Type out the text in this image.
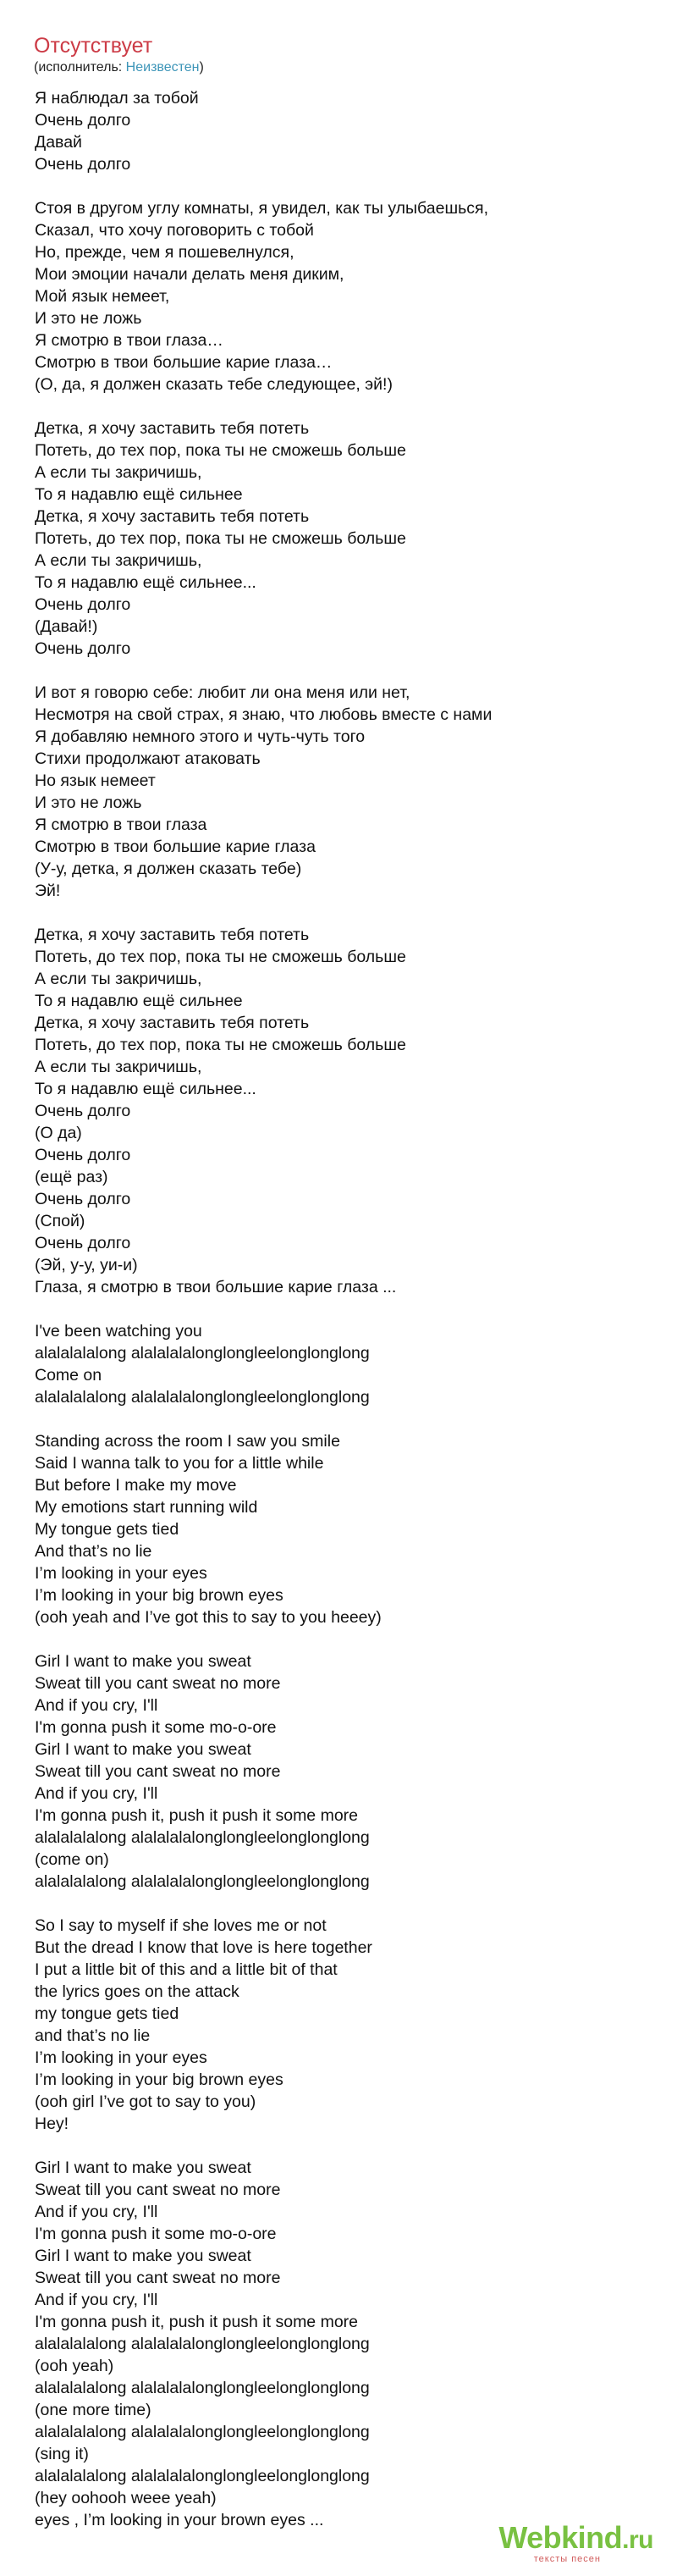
Отсутствует
(исполнитель: Неизвестен)
Я наблюдал за тобой
Очень долго
Давай
Очень долго
Стоя в другом углу комнаты, я увидел, как ты улыбаешься,
Сказал, что хочу поговорить с тобой
Но, прежде, чем я пошевелнулся,
Мои эмоции начали делать меня диким,
Мой язык немеет,
И это не ложь
Я смотрю в твои глаза…
Смотрю в твои большие карие глаза…
(О, да, я должен сказать тебе следующее, эй!)
Детка, я хочу заставить тебя потеть
Потеть, до тех пор, пока ты не сможешь больше
А если ты закричишь,
То я надавлю ещё сильнее
Детка, я хочу заставить тебя потеть
Потеть, до тех пор, пока ты не сможешь больше
А если ты закричишь,
То я надавлю ещё сильнее...
Очень долго
(Давай!)
Очень долго
И вот я говорю себе: любит ли она меня или нет,
Несмотря на свой страх, я знаю, что любовь вместе с нами
Я добавляю немного этого и чуть-чуть того
Стихи продолжают атаковать
Но язык немеет
И это не ложь
Я смотрю в твои глаза
Смотрю в твои большие карие глаза
(У-у, детка, я должен сказать тебе)
Эй!
Детка, я хочу заставить тебя потеть
Потеть, до тех пор, пока ты не сможешь больше
А если ты закричишь,
То я надавлю ещё сильнее
Детка, я хочу заставить тебя потеть
Потеть, до тех пор, пока ты не сможешь больше
А если ты закричишь,
То я надавлю ещё сильнее...
Очень долго
(О да)
Очень долго
(ещё раз)
Очень долго
(Спой)
Очень долго
(Эй, у-у, уи-и)
Глаза, я смотрю в твои большие карие глаза ...
I've been watching you
alalalalalong alalalalalonglongleelonglonglong
Come on
alalalalalong alalalalalonglongleelonglonglong
Standing across the room I saw you smile
Said I wanna talk to you for a little while
But before I make my move
My emotions start running wild
My tongue gets tied
And that’s no lie
I’m looking in your eyes
I’m looking in your big brown eyes
(ooh yeah and I’ve got this to say to you heeey)
Girl I want to make you sweat
Sweat till you cant sweat no more
And if you cry, I'll
I'm gonna push it some mo-o-ore
Girl I want to make you sweat
Sweat till you cant sweat no more
And if you cry, I'll
I'm gonna push it, push it push it some more
alalalalalong alalalalalonglongleelonglonglong
(come on)
alalalalalong alalalalalonglongleelonglonglong
So I say to myself if she loves me or not
But the dread I know that love is here together
I put a little bit of this and a little bit of that
the lyrics goes on the attack
my tongue gets tied
and that’s no lie
I’m looking in your eyes
I’m looking in your big brown eyes
(ooh girl I’ve got to say to you)
Hey!
Girl I want to make you sweat
Sweat till you cant sweat no more
And if you cry, I'll
I'm gonna push it some mo-o-ore
Girl I want to make you sweat
Sweat till you cant sweat no more
And if you cry, I'll
I'm gonna push it, push it push it some more
alalalalalong alalalalalonglongleelonglonglong
(ooh yeah)
alalalalalong alalalalalonglongleelonglonglong
(one more time)
alalalalalong alalalalalonglongleelonglonglong
(sing it)
alalalalalong alalalalalonglongleelonglonglong
(hey oohooh weee yeah)
eyes , I’m looking in your brown eyes ...	Webkind.ru
тексты песен
